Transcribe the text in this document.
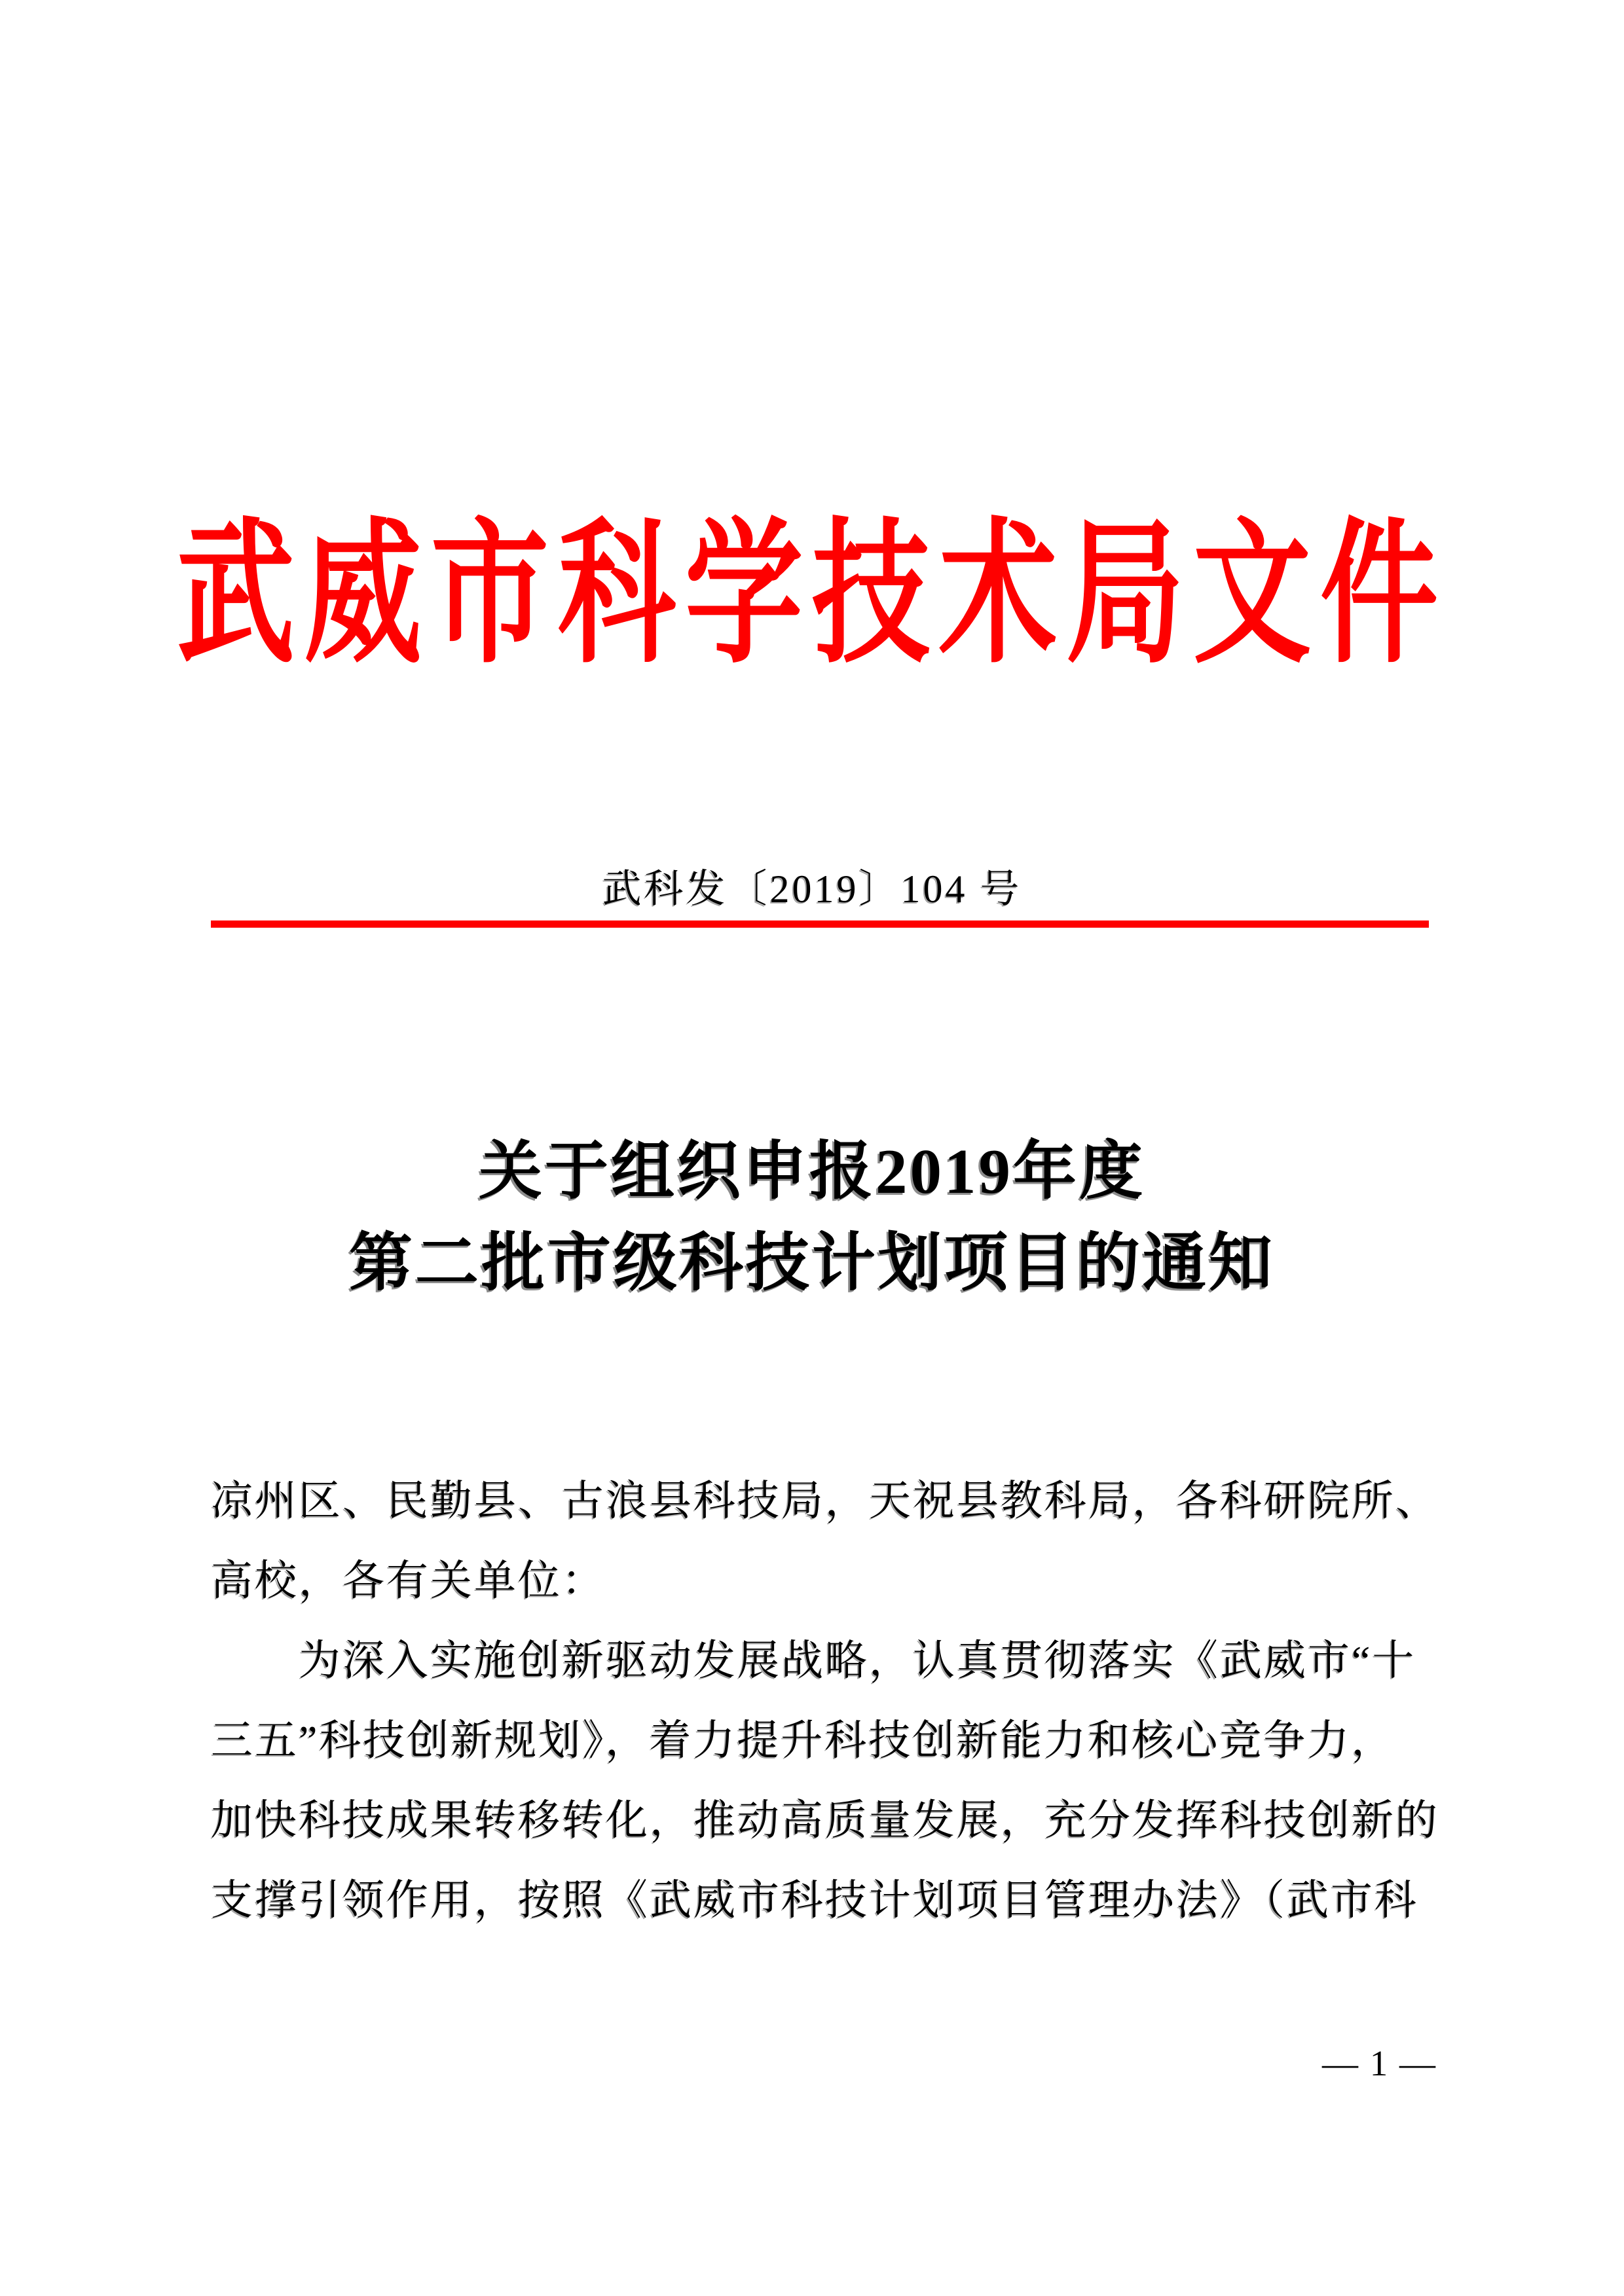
武威市科学技术局文件
武科发〔2019〕104 号
关于组织申报2019年度
第二批市级科技计划项目的通知
凉州区、民勤县、古浪县科技局，天祝县教科局，各科研院所、
高校，各有关单位：
为深入实施创新驱动发展战略，认真贯彻落实《武威市“十
三五”科技创新规划》，着力提升科技创新能力和核心竞争力，
加快科技成果转移转化，推动高质量发展，充分发挥科技创新的
支撑引领作用，按照《武威市科技计划项目管理办法》（武市科
— 1 —
